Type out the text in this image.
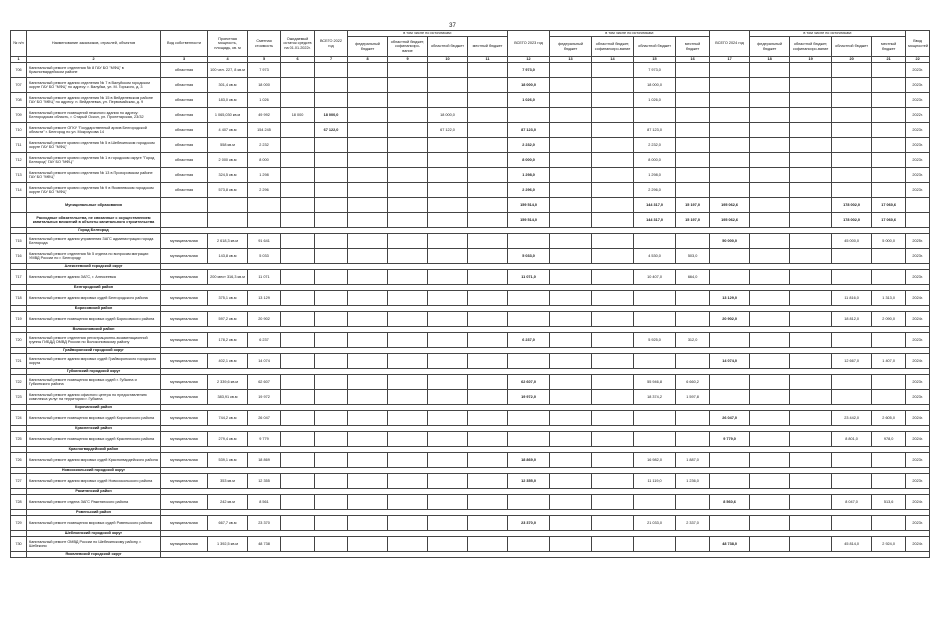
37
№ п/п	Наименование заказчиков, отраслей, объектов	Вид собственности	Проектная мощность, площадь, кв. м	Сметная стоимость	Ожидаемый остаток средств на 01.01.2022г.	ВСЕГО 2022 год	в том числе по источникам:				ВСЕГО 2023 год	в том числе по источникам:				ВСЕГО 2024 год	в том числе по источникам:				Ввод мощностей
							федеральный бюджет	областной бюджет, софинансиро-вание	областной бюджет	местный бюджет		федеральный бюджет	областной бюджет, софинансиро-вание	областной бюджет	местный бюджет		федеральный бюджет	областной бюджет, софинансиро-вание	областной бюджет	местный бюджет	
1	2	3	4	5	6	7	8	9	10	11	12	13	14	15	16	17	18	19	20	21	22
706	Капитальный ремонт отделения № 8 ГАУ БО "МФЦ" в Красногвардейском районе	областная	100 чел. 227, 8 кв.м	7 973							7 973,0			7 973,0							2023г.
707	Капитальный ремонт здания отделения № 7 в Валуйском городском округе ГАУ БО "МФЦ" по адресу: г. Валуйки, ул. М. Горького, д. 3	областная	301,4 кв.м	18 000							18 000,0			18 000,0							2023г.
708	Капитальный ремонт здания отделения № 15 в Вейделевском районе ГАУ БО "МФЦ" по адресу: п. Вейделевка, ул. Первомайская, д. 9	областная	183,0 кв.м	1 026							1 026,0			1 026,0							2023г.
709	Капитальный ремонт помещений нежилого здания по адресу: Белгородская область, г. Старый Оскол, ул. Пролетарская, 23/32	областная	1 065,030 кв.м	49 992	18 000	18 000,0			18 000,0												2022г.
710	Капитальный ремонт ОГКУ "Государственный архив Белгородской области" г. Белгород по ул. Мокроусова 14	областная	4 407 кв.м	154 245		67 122,0			67 122,0		87 123,0			87 123,0							2023г.
711	Капитальный ремонт кровли отделения № 5 в Шебекинском городском округе ГАУ БО "МФЦ"	областная	558 кв.м	2 232							2 232,0			2 232,0							2023г.
712	Капитальный ремонт кровли отделения № 1 в городском округе "Город Белгород" ГАУ БО "МФЦ"	областная	2 000 кв.м	8 000							8 000,0			8 000,0							2023г.
713	Капитальный ремонт кровли отделения № 13 в Прохоровском районе ГАУ БО "МФЦ"	областная	324,5 кв.м	1 298							1 298,0			1 298,0							2023г.
714	Капитальный ремонт кровли отделения № 9 в Яковлевском городском округе ГАУ БО "МФЦ"	областная	573,8 кв.м	2 296							2 296,0			2 296,0							2023г.
	Муниципальные образования										159 514,0			144 317,0	15 197,0	195 062,6			178 002,0	17 060,6	
	Расходные обязательства, не связанные с осуществлением капитальных вложений в объекты капитального строительства										159 514,0			144 317,0	15 197,0	195 062,6			178 002,0	17 060,6	
	Город Белгород																				
715	Капитальный ремонт здания управления ЗАГС администрации города Белгорода	муниципальная	2 618,3 кв.м	91 641												50 000,0			45 000,0	5 000,0	2025г.
716	Капитальный ремонт отделения № 5 отдела по вопросам миграции УМВД России по г. Белгороду	муниципальная	143,8 кв.м	5 033							5 033,0			4 530,0	503,0						2023г.
	Алексеевский городской округ																				
717	Капитальный ремонт здания ЗАГС, г. Алексеевка	муниципальная	200 мест 316,3 кв.м	11 071							11 071,0			10 407,0	664,0						2023г.
	Белгородский район																				
718	Капитальный ремонт здания мировых судей Белгородского района	муниципальная	375,1 кв.м	13 129												13 129,0			11 816,0	1 313,0	2024г.
	Борисовский район																				
719	Капитальный ремонт помещения мировых судей Борисовского района	муниципальная	597,2 кв.м	20 902												20 902,0			18 812,0	2 090,0	2024г.
	Волоконовский район																				
720	Капитальный ремонт отделения регистрационно-экзаменационной группы ГИБДД ОМВД России по Волоконовскому району	муниципальная	178,2 кв.м	6 237							6 237,0			5 925,0	312,0						2023г.
	Грайворонский городской округ																				
721	Капитальный ремонт здания мировых судей Грайворонского городского округа	муниципальная	402,1 кв.м	14 074												14 074,0			12 667,0	1 407,0	2024г.
	Губкинский городской округ																				
722	Капитальный ремонт помещения мировых судей г. Губкина и Губкинского района	муниципальная	2 339,6 кв.м	62 607							62 607,0			55 946,8	6 660,2						2023г.
723	Капитальный ремонт здания офисного центра по предоставлению комплекса услуг на территории г. Губкина	муниципальная	383,91 кв.м	19 972							19 972,0			18 374,2	1 597,8						2023г.
	Корочанский район																				
724	Капитальный ремонт помещения мировых судей Корочанского района	муниципальная	744,2 кв.м	26 047												26 047,0			23 442,0	2 605,0	2024г.
	Красненский район																				
725	Капитальный ремонт помещения мировых судей Красненского района	муниципальная	279,4 кв.м	9 779												9 779,0			8 801,0	978,0	2024г.
	Красногвардейский район																				
726	Капитальный ремонт здания мировых судей Красногвардейского района	муниципальная	539,1 кв.м	18 869							18 869,0			16 982,0	1 887,0						2023г.
	Новооскольский городской округ																				
727	Капитальный ремонт здания мировых судей Новооскольского района	муниципальная	353 кв.м	12 355							12 355,0			11 119,0	1 236,0						2023г.
	Ракитянский район																				
728	Капитальный ремонт отдела ЗАГС Ракитянского района	муниципальная	242 кв.м	8 561												8 560,6			8 047,0	513,6	2024г.
	Ровеньский район																				
729	Капитальный ремонт помещения мировых судей Ровеньского района	муниципальная	667,7 кв.м	23 370							23 370,0			21 033,0	2 337,0						2023г.
	Шебекинский городской округ																				
730	Капитальный ремонт ОМВД России по Шебекинскому району, г. Шебекино	муниципальная	1 392,5 кв.м	48 738												48 738,0			45 814,0	2 924,0	2024г.
	Яковлевский городской округ																				
